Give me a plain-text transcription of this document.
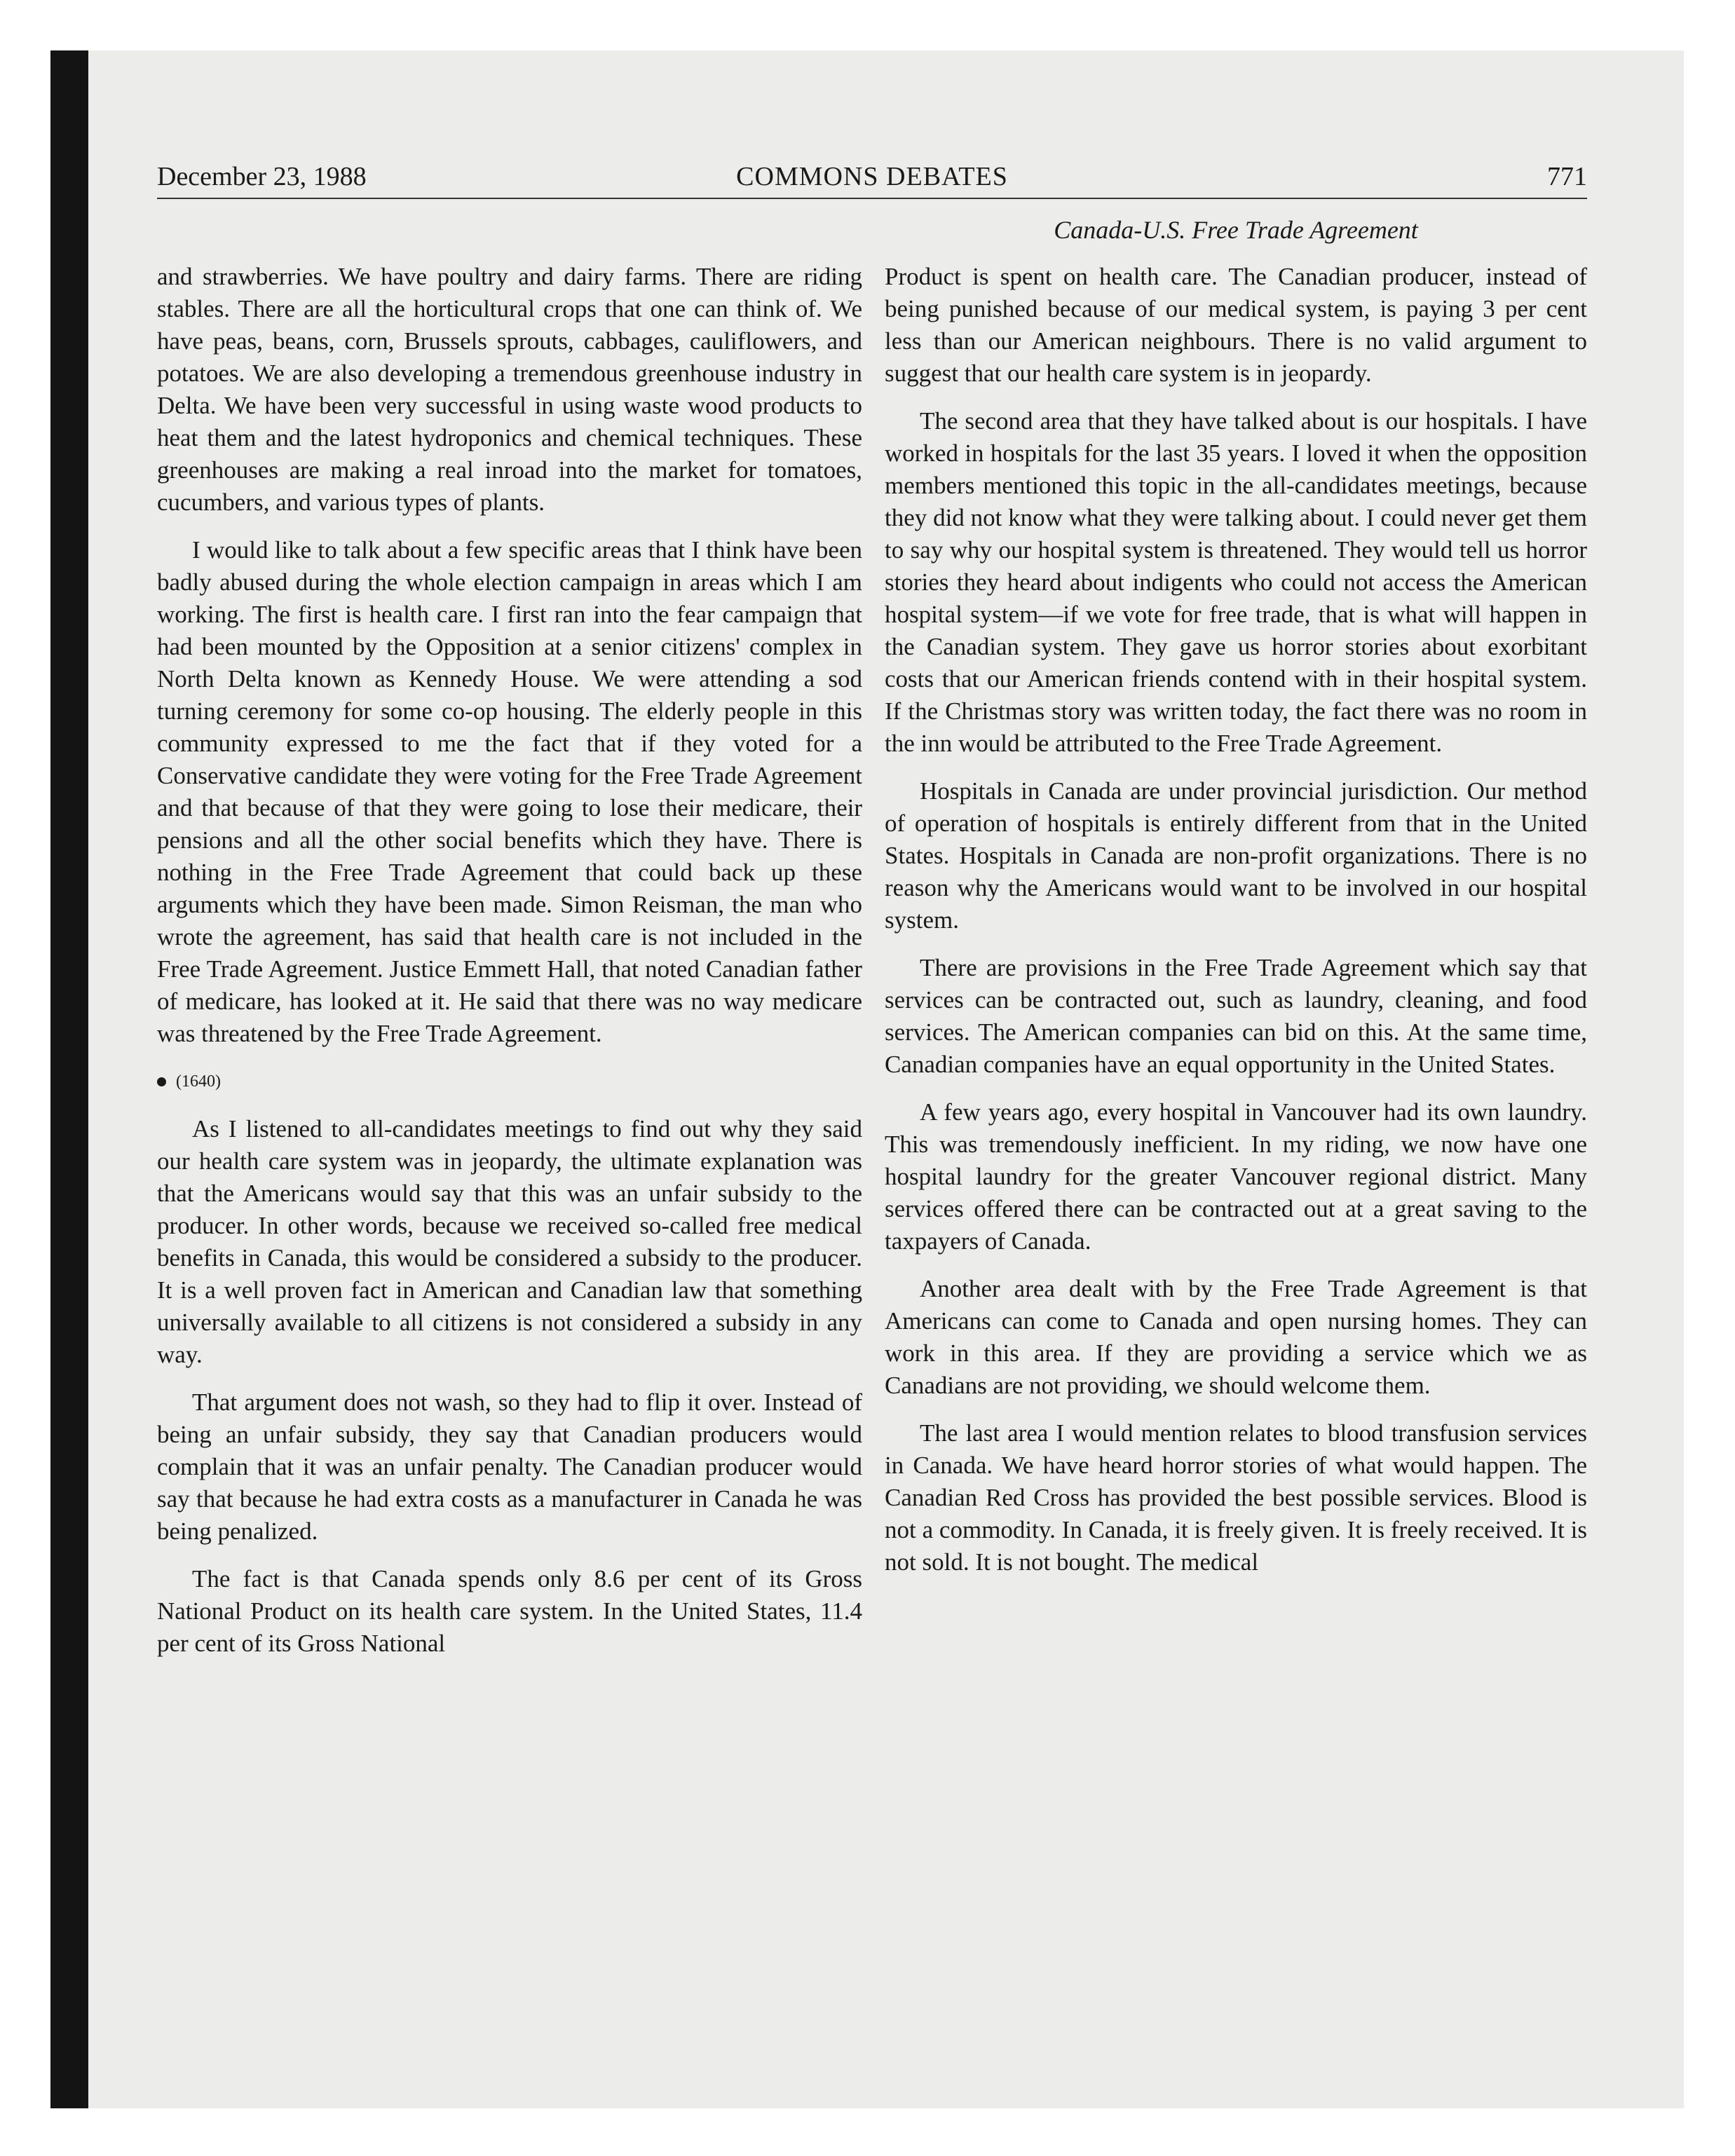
December 23, 1988	COMMONS DEBATES	771
Canada-U.S. Free Trade Agreement

and strawberries. We have poultry and dairy farms. There are riding stables. There are all the horticultural crops that one can think of. We have peas, beans, corn, Brussels sprouts, cabbages, cauliflowers, and potatoes. We are also developing a tremendous greenhouse industry in Delta. We have been very successful in using waste wood products to heat them and the latest hydroponics and chemical techniques. These greenhouses are making a real inroad into the market for tomatoes, cucumbers, and various types of plants.

I would like to talk about a few specific areas that I think have been badly abused during the whole election campaign in areas which I am working. The first is health care. I first ran into the fear campaign that had been mounted by the Opposition at a senior citizens' complex in North Delta known as Kennedy House. We were attending a sod turning ceremony for some co-op housing. The elderly people in this community expressed to me the fact that if they voted for a Conservative candidate they were voting for the Free Trade Agreement and that because of that they were going to lose their medicare, their pensions and all the other social benefits which they have. There is nothing in the Free Trade Agreement that could back up these arguments which they have been made. Simon Reisman, the man who wrote the agreement, has said that health care is not included in the Free Trade Agreement. Justice Emmett Hall, that noted Canadian father of medicare, has looked at it. He said that there was no way medicare was threatened by the Free Trade Agreement.

(1640)

As I listened to all-candidates meetings to find out why they said our health care system was in jeopardy, the ultimate explanation was that the Americans would say that this was an unfair subsidy to the producer. In other words, because we received so-called free medical benefits in Canada, this would be considered a subsidy to the producer. It is a well proven fact in American and Canadian law that something universally available to all citizens is not considered a subsidy in any way.

That argument does not wash, so they had to flip it over. Instead of being an unfair subsidy, they say that Canadian producers would complain that it was an unfair penalty. The Canadian producer would say that because he had extra costs as a manufacturer in Canada he was being penalized.

The fact is that Canada spends only 8.6 per cent of its Gross National Product on its health care system. In the United States, 11.4 per cent of its Gross National

Product is spent on health care. The Canadian producer, instead of being punished because of our medical system, is paying 3 per cent less than our American neighbours. There is no valid argument to suggest that our health care system is in jeopardy.

The second area that they have talked about is our hospitals. I have worked in hospitals for the last 35 years. I loved it when the opposition members mentioned this topic in the all-candidates meetings, because they did not know what they were talking about. I could never get them to say why our hospital system is threatened. They would tell us horror stories they heard about indigents who could not access the American hospital system—if we vote for free trade, that is what will happen in the Canadian system. They gave us horror stories about exorbitant costs that our American friends contend with in their hospital system. If the Christmas story was written today, the fact there was no room in the inn would be attributed to the Free Trade Agreement.

Hospitals in Canada are under provincial jurisdiction. Our method of operation of hospitals is entirely different from that in the United States. Hospitals in Canada are non-profit organizations. There is no reason why the Americans would want to be involved in our hospital system.

There are provisions in the Free Trade Agreement which say that services can be contracted out, such as laundry, cleaning, and food services. The American companies can bid on this. At the same time, Canadian companies have an equal opportunity in the United States.

A few years ago, every hospital in Vancouver had its own laundry. This was tremendously inefficient. In my riding, we now have one hospital laundry for the greater Vancouver regional district. Many services offered there can be contracted out at a great saving to the taxpayers of Canada.

Another area dealt with by the Free Trade Agreement is that Americans can come to Canada and open nursing homes. They can work in this area. If they are providing a service which we as Canadians are not providing, we should welcome them.

The last area I would mention relates to blood transfusion services in Canada. We have heard horror stories of what would happen. The Canadian Red Cross has provided the best possible services. Blood is not a commodity. In Canada, it is freely given. It is freely received. It is not sold. It is not bought. The medical
